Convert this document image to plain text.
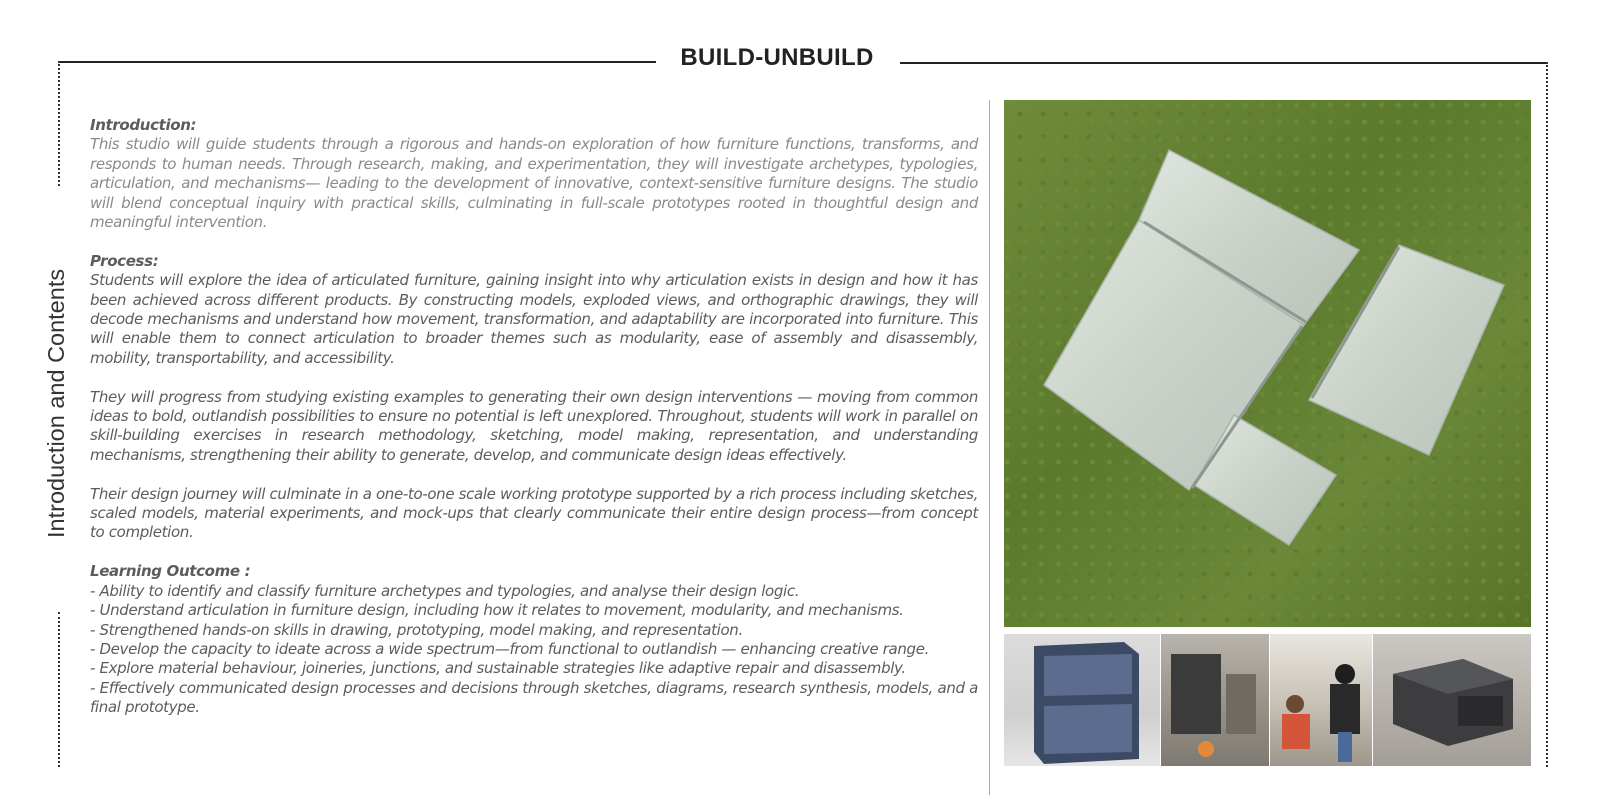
BUILD-UNBUILD
Introduction and Contents
Introduction:

This studio will guide students through a rigorous and hands-on exploration of how furniture functions, transforms, and responds to human needs. Through research, making, and experimentation, they will investigate archetypes, typologies, articulation, and mechanisms— leading to the development of innovative, context-sensitive furniture designs. The studio will blend conceptual inquiry with practical skills, culminating in full-scale prototypes rooted in thoughtful design and meaningful intervention.

Process:

Students will explore the idea of articulated furniture, gaining insight into why articulation exists in design and how it has been achieved across different products. By constructing models, exploded views, and orthographic drawings, they will decode mechanisms and understand how movement, transformation, and adaptability are incorporated into furniture. This will enable them to connect articulation to broader themes such as modularity, ease of assembly and disassembly, mobility, transportability, and accessibility.

They will progress from studying existing examples to generating their own design interventions — moving from common ideas to bold, outlandish possibilities to ensure no potential is left unexplored. Throughout, students will work in parallel on skill-building exercises in research methodology, sketching, model making, representation, and understanding mechanisms, strengthening their ability to generate, develop, and communicate design ideas effectively.

Their design journey will culminate in a one-to-one scale working prototype supported by a rich process including sketches, scaled models, material experiments, and mock-ups that clearly communicate their entire design process—from concept to completion.

Learning Outcome :
- Ability to identify and classify furniture archetypes and typologies, and analyse their design logic.
- Understand articulation in furniture design, including how it relates to movement, modularity, and mechanisms.
- Strengthened hands-on skills in drawing, prototyping, model making, and representation.
- Develop the capacity to ideate across a wide spectrum—from functional to outlandish — enhancing creative range.
- Explore material behaviour, joineries, junctions, and sustainable strategies like adaptive repair and disassembly.
- Effectively communicated design processes and decisions through sketches, diagrams, research synthesis, models, and a final prototype.
